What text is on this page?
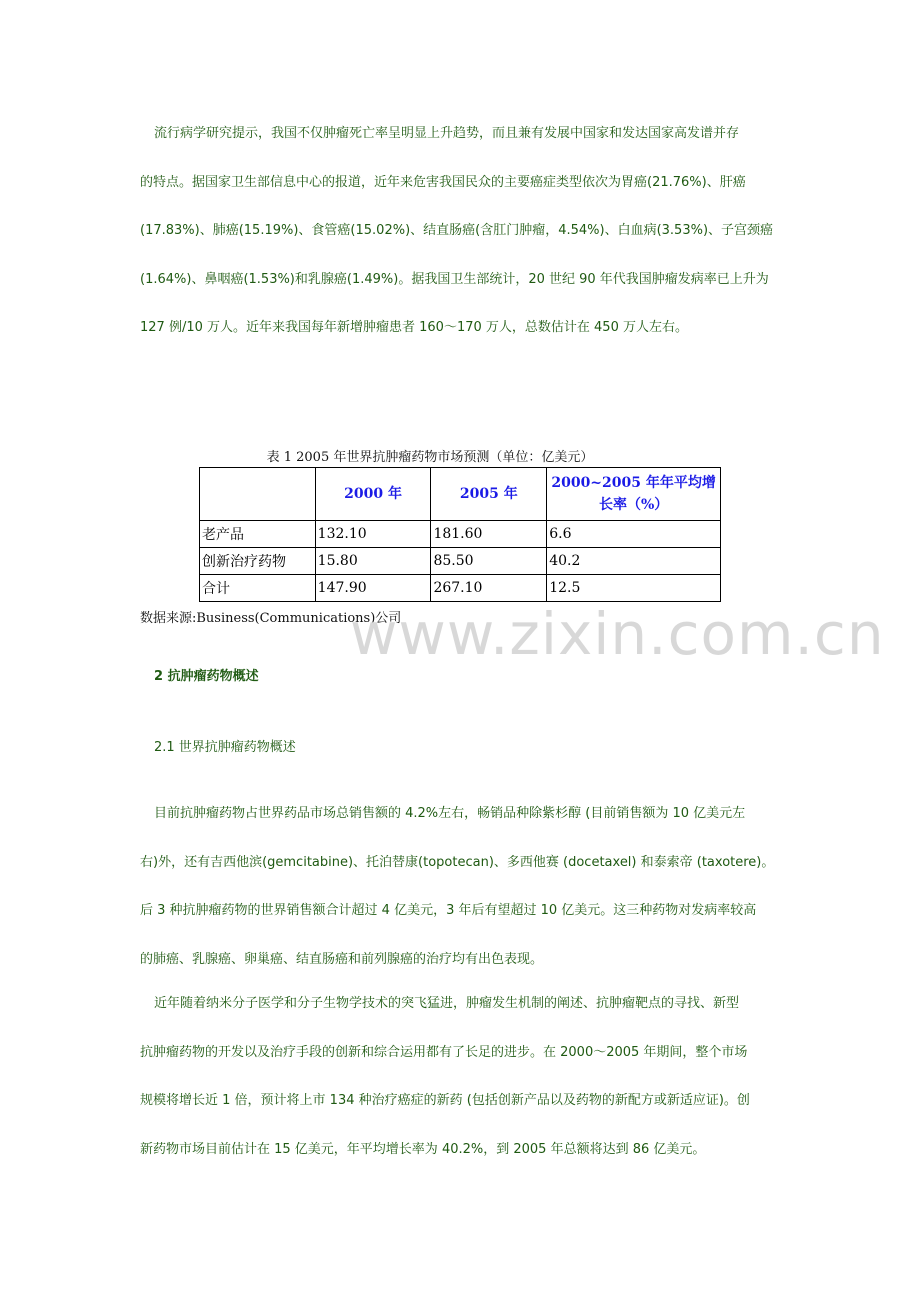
流行病学研究提示，我国不仅肿瘤死亡率呈明显上升趋势，而且兼有发展中国家和发达国家高发谱并存
的特点。据国家卫生部信息中心的报道，近年来危害我国民众的主要癌症类型依次为胃癌(21.76%)、肝癌
(17.83%)、肺癌(15.19%)、食管癌(15.02%)、结直肠癌(含肛门肿瘤，4.54%)、白血病(3.53%)、子宫颈癌
(1.64%)、鼻咽癌(1.53%)和乳腺癌(1.49%)。据我国卫生部统计，20 世纪 90 年代我国肿瘤发病率已上升为
127 例/10 万人。近年来我国每年新增肿瘤患者 160～170 万人，总数估计在 450 万人左右。
表 1 2005 年世界抗肿瘤药物市场预测（单位：亿美元）
	2000 年	2005 年	2000~2005 年年平均增长率（%）
老产品	132.10	181.60	6.6
创新治疗药物	15.80	85.50	40.2
合计	147.90	267.10	12.5
数据来源:Business(Communications)公司
www.zixin.com.cn
2 抗肿瘤药物概述
2.1 世界抗肿瘤药物概述
目前抗肿瘤药物占世界药品市场总销售额的 4.2%左右，畅销品种除紫杉醇 (目前销售额为 10 亿美元左
右)外，还有吉西他滨(gemcitabine)、托泊替康(topotecan)、多西他赛 (docetaxel) 和泰索帝 (taxotere)。
后 3 种抗肿瘤药物的世界销售额合计超过 4 亿美元，3 年后有望超过 10 亿美元。这三种药物对发病率较高
的肺癌、乳腺癌、卵巢癌、结直肠癌和前列腺癌的治疗均有出色表现。
近年随着纳米分子医学和分子生物学技术的突飞猛进，肿瘤发生机制的阐述、抗肿瘤靶点的寻找、新型
抗肿瘤药物的开发以及治疗手段的创新和综合运用都有了长足的进步。在 2000～2005 年期间，整个市场
规模将增长近 1 倍，预计将上市 134 种治疗癌症的新药 (包括创新产品以及药物的新配方或新适应证)。创
新药物市场目前估计在 15 亿美元，年平均增长率为 40.2%，到 2005 年总额将达到 86 亿美元。
